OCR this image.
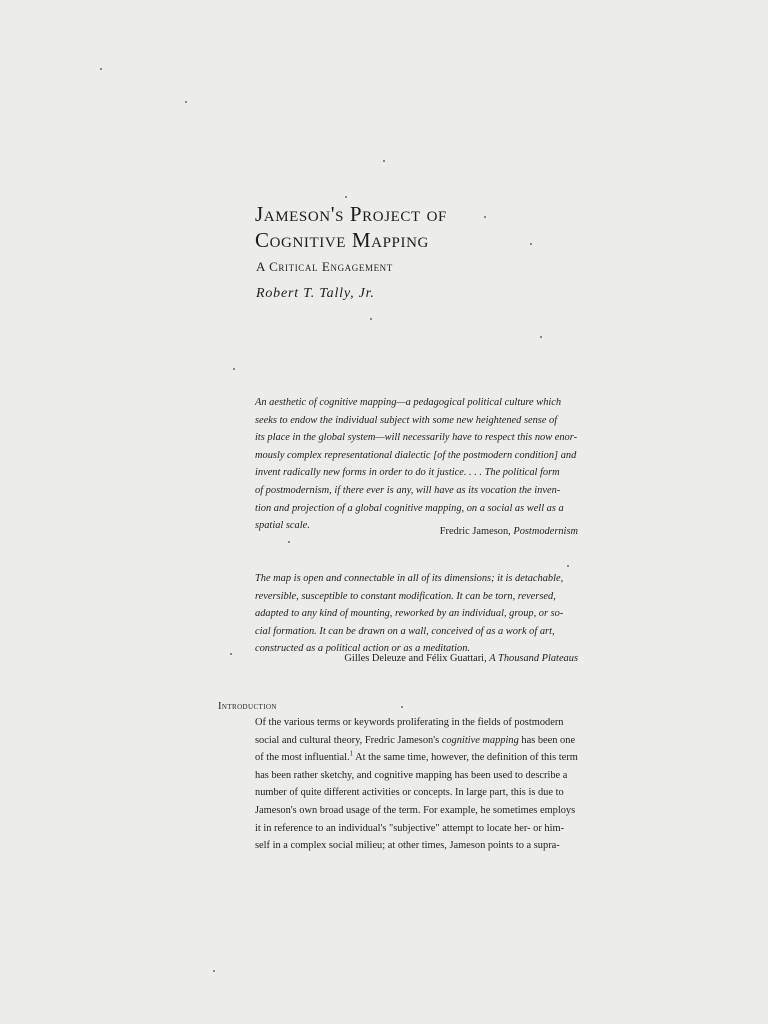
Jameson's Project of
Cognitive Mapping
A Critical Engagement
Robert T. Tally, Jr.
An aesthetic of cognitive mapping—a pedagogical political culture which
seeks to endow the individual subject with some new heightened sense of
its place in the global system—will necessarily have to respect this now enor-
mously complex representational dialectic [of the postmodern condition] and
invent radically new forms in order to do it justice. . . . The political form
of postmodernism, if there ever is any, will have as its vocation the inven-
tion and projection of a global cognitive mapping, on a social as well as a
spatial scale.
Fredric Jameson, Postmodernism
The map is open and connectable in all of its dimensions; it is detachable,
reversible, susceptible to constant modification. It can be torn, reversed,
adapted to any kind of mounting, reworked by an individual, group, or so-
cial formation. It can be drawn on a wall, conceived of as a work of art,
constructed as a political action or as a meditation.
Gilles Deleuze and Félix Guattari, A Thousand Plateaus
Introduction
Of the various terms or keywords proliferating in the fields of postmodern
social and cultural theory, Fredric Jameson's cognitive mapping has been one
of the most influential.$^1$ At the same time, however, the definition of this term
has been rather sketchy, and cognitive mapping has been used to describe a
number of quite different activities or concepts. In large part, this is due to
Jameson's own broad usage of the term. For example, he sometimes employs
it in reference to an individual's "subjective" attempt to locate her- or him-
self in a complex social milieu; at other times, Jameson points to a supra-
